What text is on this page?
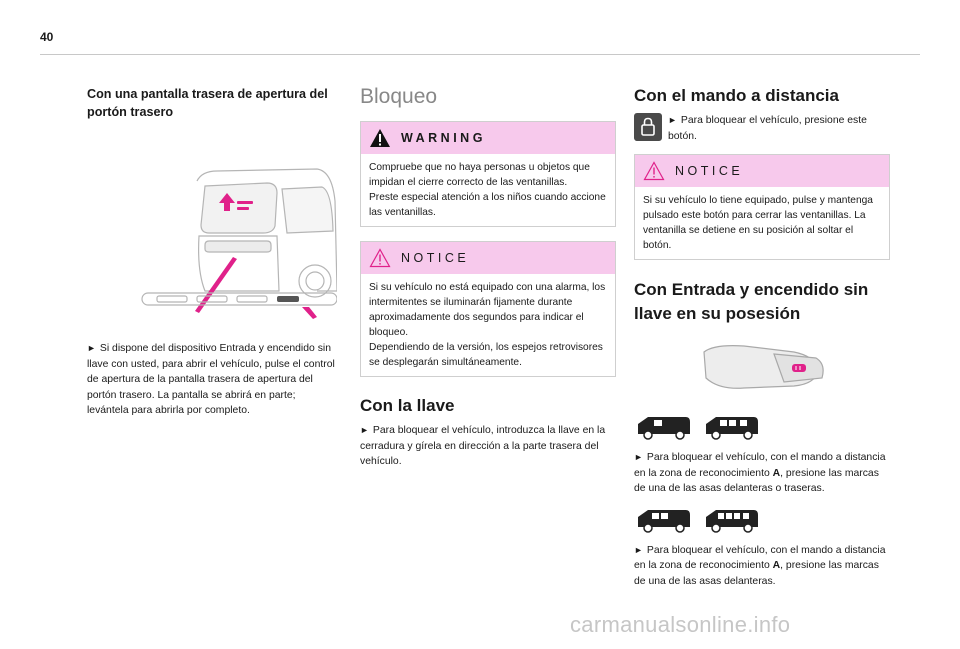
40
Con una pantalla trasera de apertura del portón trasero

► Si dispone del dispositivo Entrada y encendido sin llave con usted, para abrir el vehículo, pulse el control de apertura de la pantalla trasera de apertura del portón trasero. La pantalla se abrirá en parte; levántela para abrirla por completo.

Bloqueo
WARNING

Compruebe que no haya personas u objetos que impidan el cierre correcto de las ventanillas.

Preste especial atención a los niños cuando accione las ventanillas.

NOTICE

Si su vehículo no está equipado con una alarma, los intermitentes se iluminarán fijamente durante aproximadamente dos segundos para indicar el bloqueo.

Dependiendo de la versión, los espejos retrovisores se desplegarán simultáneamente.

Con la llave

► Para bloquear el vehículo, introduzca la llave en la cerradura y gírela en dirección a la parte trasera del vehículo.

Con el mando a distancia

► Para bloquear el vehículo, presione este botón.

NOTICE

Si su vehículo lo tiene equipado, pulse y mantenga pulsado este botón para cerrar las ventanillas. La ventanilla se detiene en su posición al soltar el botón.

Con Entrada y encendido sin llave en su posesión

► Para bloquear el vehículo, con el mando a distancia en la zona de reconocimiento A, presione las marcas de una de las asas delanteras o traseras.

► Para bloquear el vehículo, con el mando a distancia en la zona de reconocimiento A, presione las marcas de una de las asas delanteras.

carmanualsonline.info
